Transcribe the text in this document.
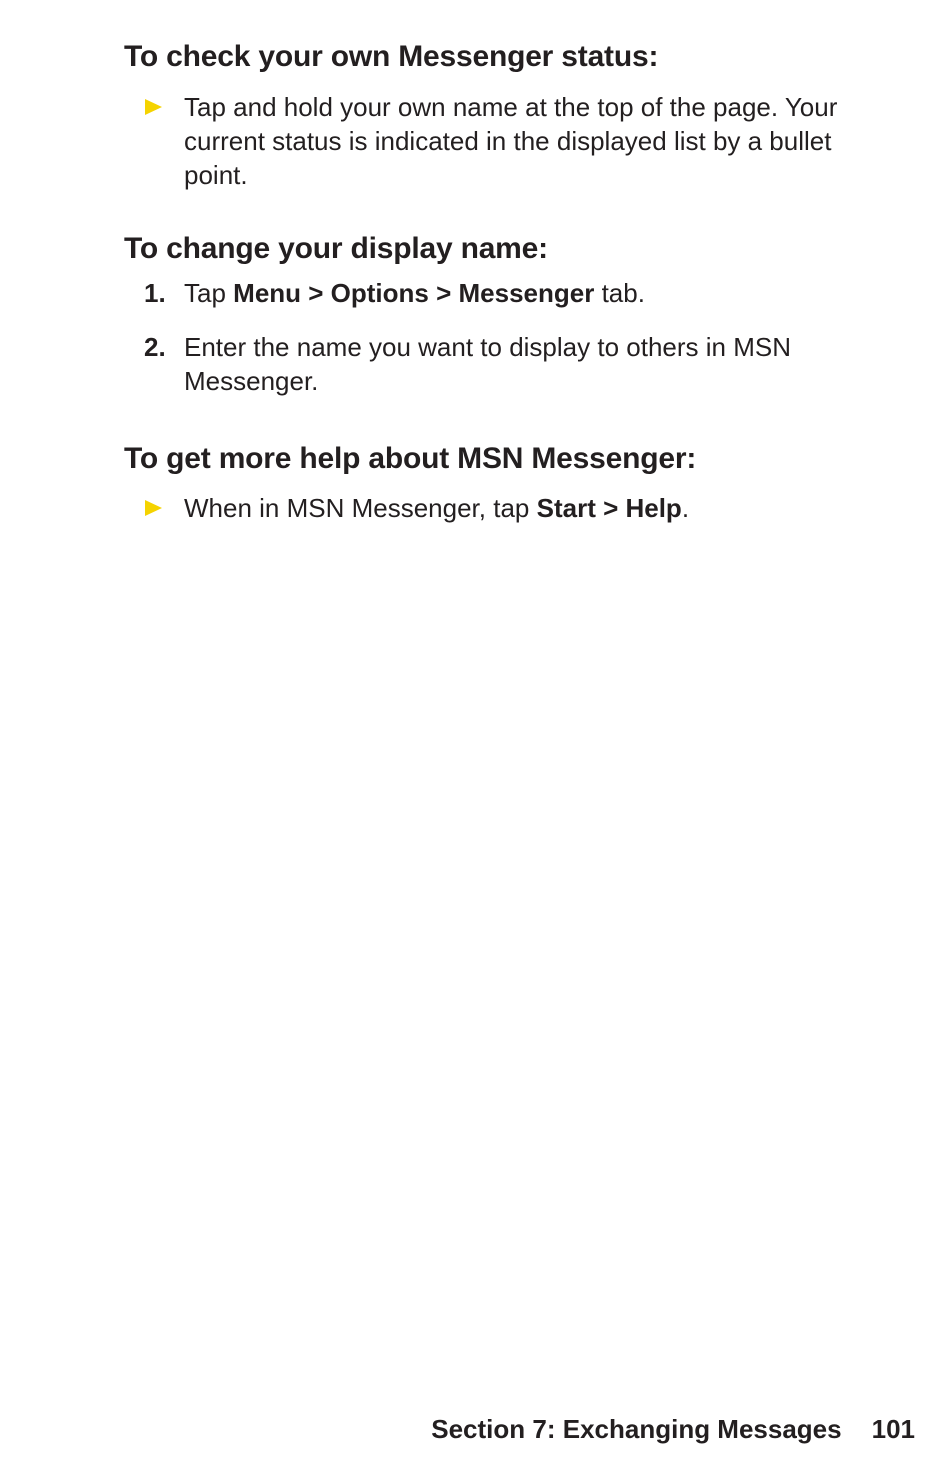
To check your own Messenger status:
Tap and hold your own name at the top of the page. Your current status is indicated in the displayed list by a bullet point.
To change your display name:
1. Tap Menu > Options > Messenger tab.
2. Enter the name you want to display to others in MSN Messenger.
To get more help about MSN Messenger:
When in MSN Messenger, tap Start > Help.
Section 7: Exchanging Messages 101
